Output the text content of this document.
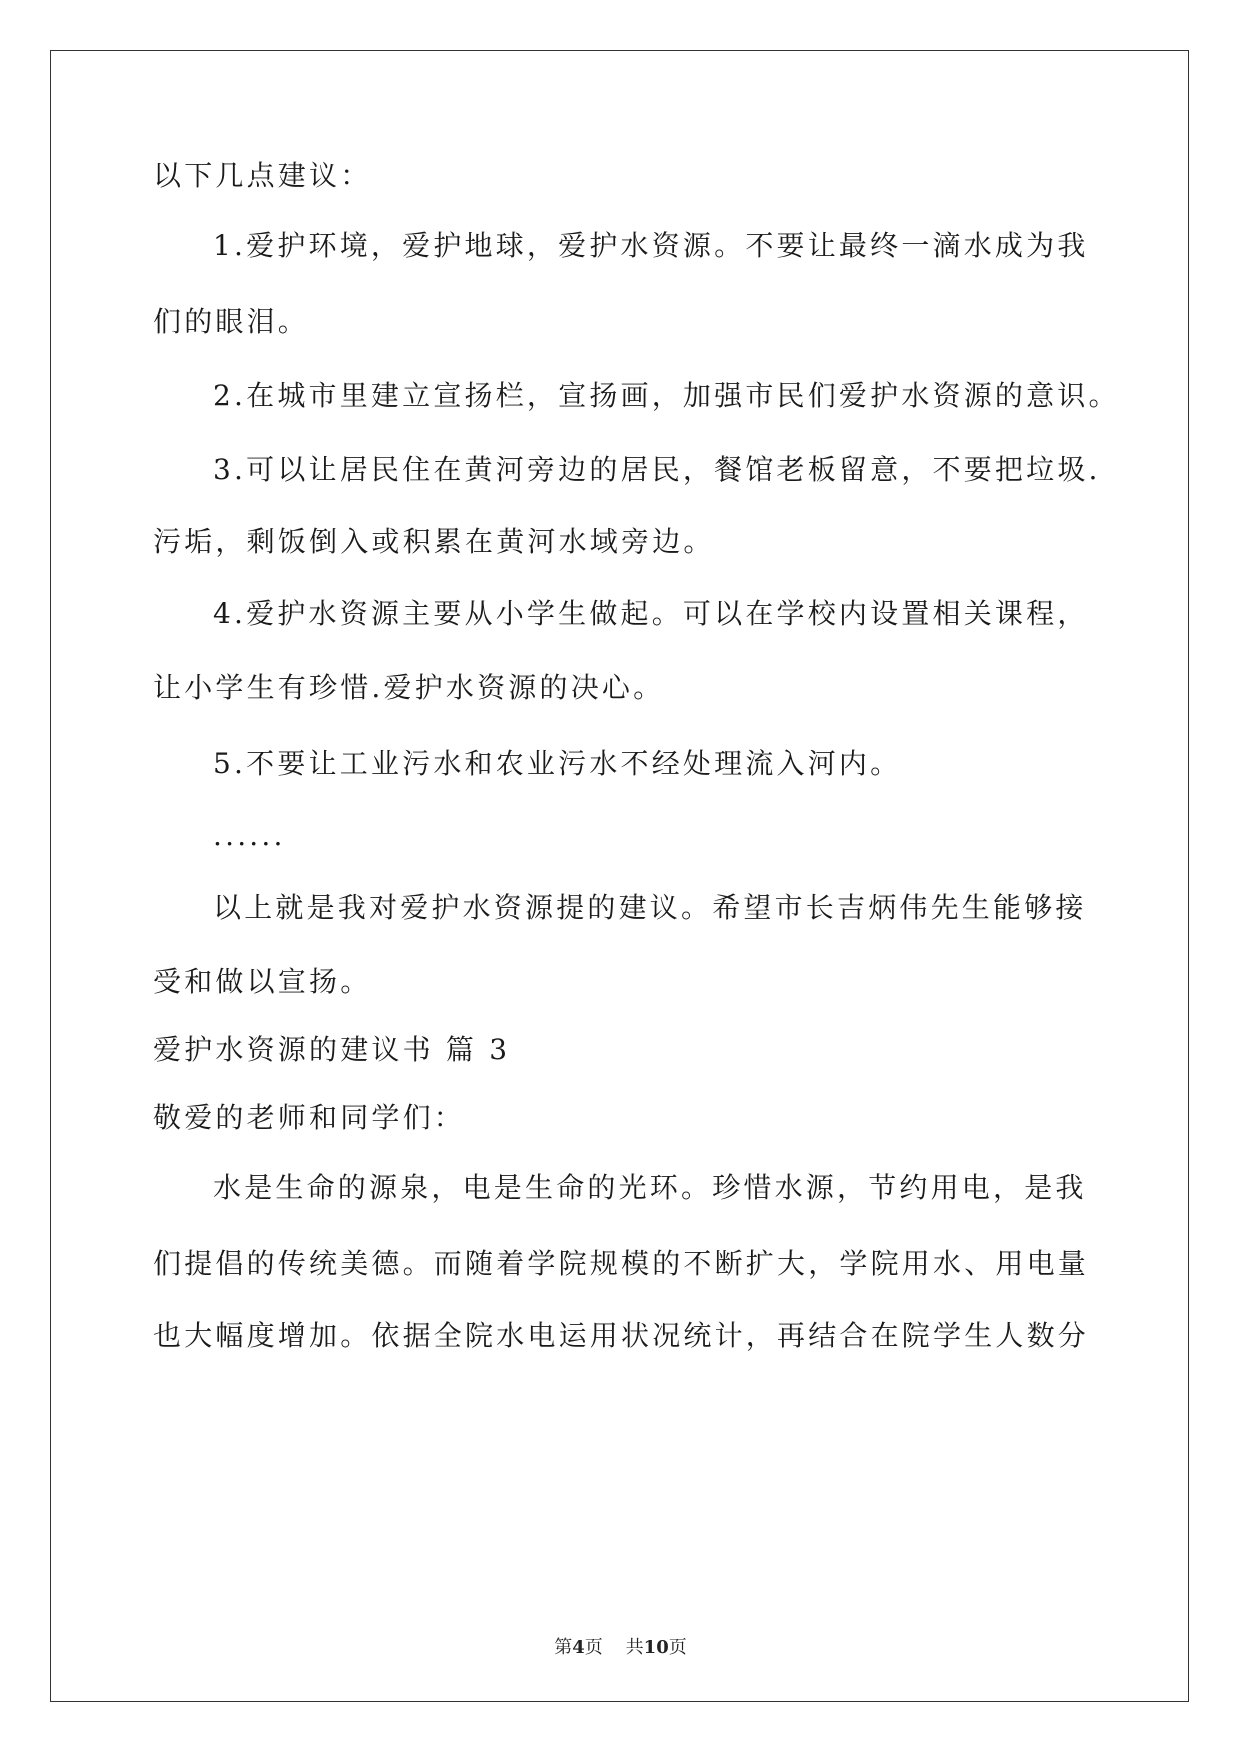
以下几点建议：
1.爱护环境，爱护地球，爱护水资源。不要让最终一滴水成为我
们的眼泪。
2.在城市里建立宣扬栏，宣扬画，加强市民们爱护水资源的意识。
3.可以让居民住在黄河旁边的居民，餐馆老板留意，不要把垃圾.
污垢，剩饭倒入或积累在黄河水域旁边。
4.爱护水资源主要从小学生做起。可以在学校内设置相关课程，
让小学生有珍惜.爱护水资源的决心。
5.不要让工业污水和农业污水不经处理流入河内。
......
以上就是我对爱护水资源提的建议。希望市长吉炳伟先生能够接
受和做以宣扬。
爱护水资源的建议书 篇 3
敬爱的老师和同学们：
水是生命的源泉，电是生命的光环。珍惜水源，节约用电，是我
们提倡的传统美德。而随着学院规模的不断扩大，学院用水、用电量
也大幅度增加。依据全院水电运用状况统计，再结合在院学生人数分
第4页 共10页
